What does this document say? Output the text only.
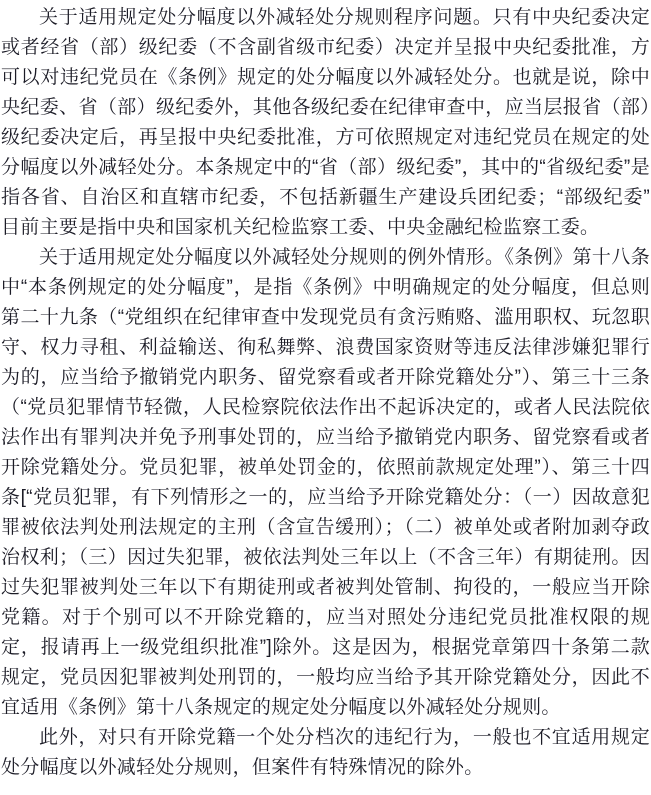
关于适用规定处分幅度以外减轻处分规则程序问题。只有中央纪委决定或者经省（部）级纪委（不含副省级市纪委）决定并呈报中央纪委批准，方可以对违纪党员在《条例》规定的处分幅度以外减轻处分。也就是说，除中央纪委、省（部）级纪委外，其他各级纪委在纪律审查中，应当层报省（部）级纪委决定后，再呈报中央纪委批准，方可依照规定对违纪党员在规定的处分幅度以外减轻处分。本条规定中的“省（部）级纪委”，其中的“省级纪委”是指各省、自治区和直辖市纪委，不包括新疆生产建设兵团纪委；“部级纪委”目前主要是指中央和国家机关纪检监察工委、中央金融纪检监察工委。

关于适用规定处分幅度以外减轻处分规则的例外情形。《条例》第十八条中“本条例规定的处分幅度”，是指《条例》中明确规定的处分幅度，但总则第二十九条（“党组织在纪律审查中发现党员有贪污贿赂、滥用职权、玩忽职守、权力寻租、利益输送、徇私舞弊、浪费国家资财等违反法律涉嫌犯罪行为的，应当给予撤销党内职务、留党察看或者开除党籍处分”）、第三十三条（“党员犯罪情节轻微，人民检察院依法作出不起诉决定的，或者人民法院依法作出有罪判决并免予刑事处罚的，应当给予撤销党内职务、留党察看或者开除党籍处分。党员犯罪，被单处罚金的，依照前款规定处理”）、第三十四条[“党员犯罪，有下列情形之一的，应当给予开除党籍处分：（一）因故意犯罪被依法判处刑法规定的主刑（含宣告缓刑）；（二）被单处或者附加剥夺政治权利；（三）因过失犯罪，被依法判处三年以上（不含三年）有期徒刑。因过失犯罪被判处三年以下有期徒刑或者被判处管制、拘役的，一般应当开除党籍。对于个别可以不开除党籍的，应当对照处分违纪党员批准权限的规定，报请再上一级党组织批准”]除外。这是因为，根据党章第四十条第二款规定，党员因犯罪被判处刑罚的，一般均应当给予其开除党籍处分，因此不宜适用《条例》第十八条规定的规定处分幅度以外减轻处分规则。

此外，对只有开除党籍一个处分档次的违纪行为，一般也不宜适用规定处分幅度以外减轻处分规则，但案件有特殊情况的除外。
